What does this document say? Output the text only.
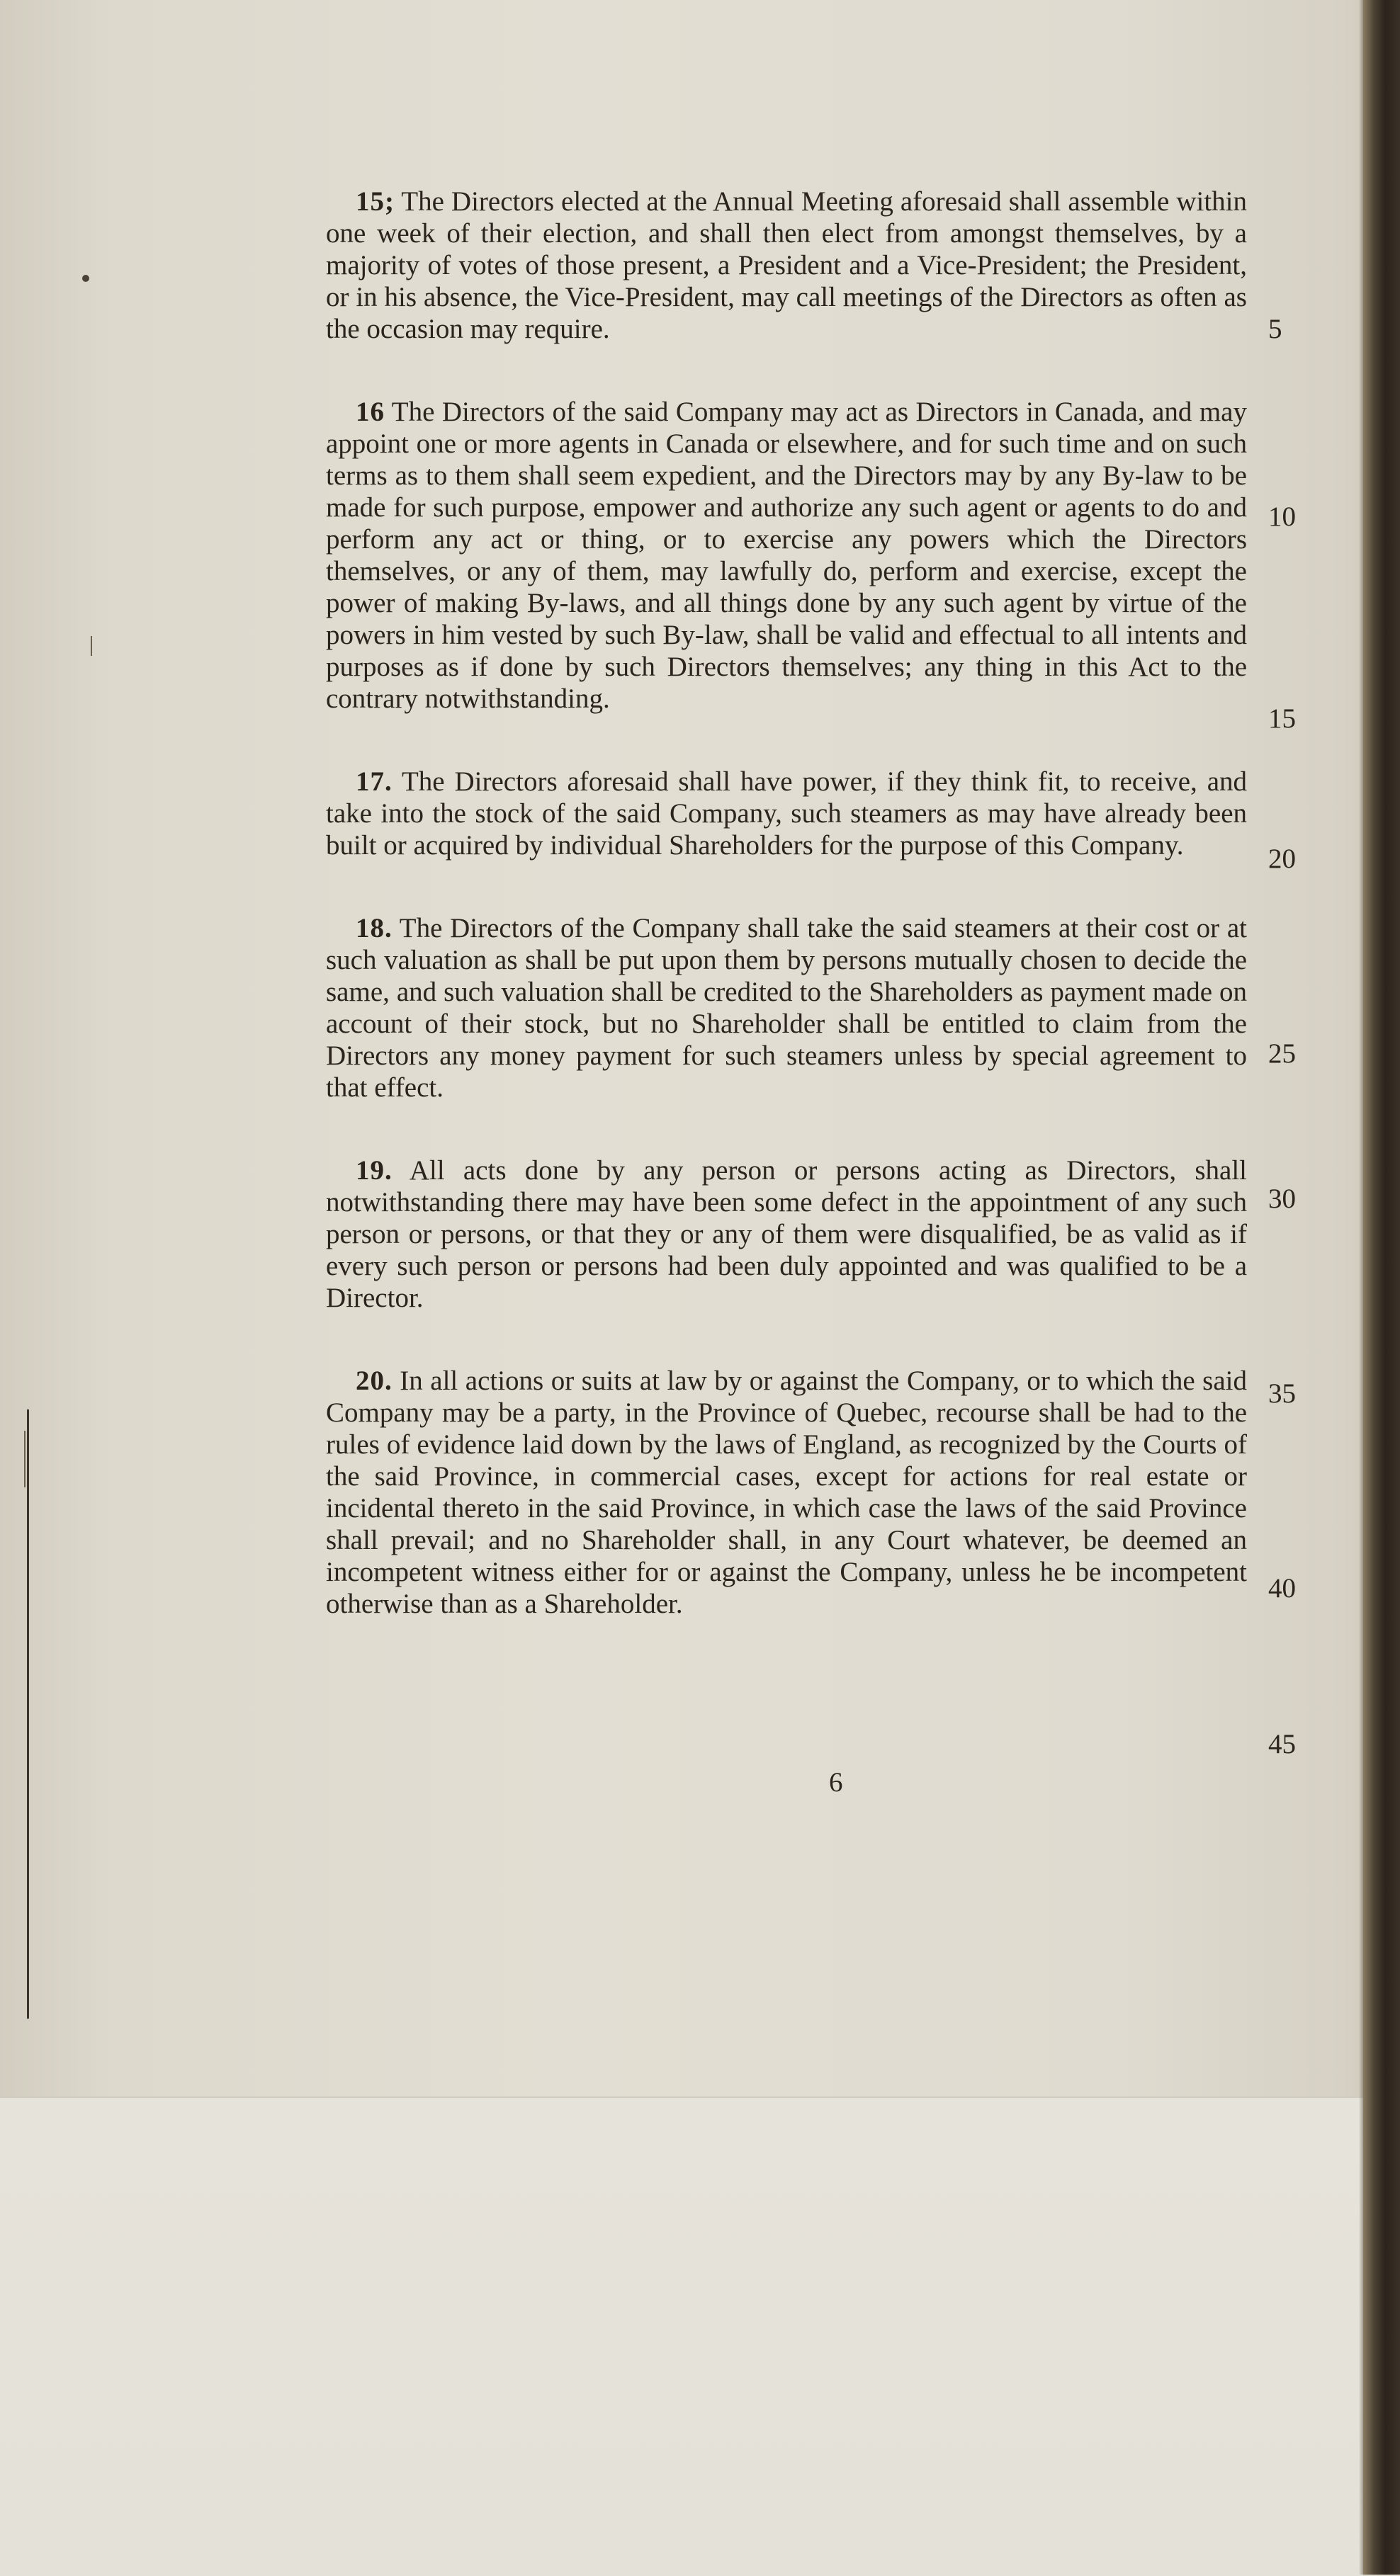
15; The Directors elected at the Annual Meeting aforesaid shall assemble within one week of their election, and shall then elect from amongst themselves, by a majority of votes of those present, a President and a Vice-President; the President, or in his absence, the Vice-President, may call meetings of the Directors as often as the occasion may require.

16 The Directors of the said Company may act as Directors in Canada, and may appoint one or more agents in Canada or elsewhere, and for such time and on such terms as to them shall seem expedient, and the Directors may by any By-law to be made for such purpose, empower and authorize any such agent or agents to do and perform any act or thing, or to exercise any powers which the Directors themselves, or any of them, may lawfully do, perform and exercise, except the power of making By-laws, and all things done by any such agent by virtue of the powers in him vested by such By-law, shall be valid and effectual to all intents and purposes as if done by such Directors themselves; any thing in this Act to the contrary notwithstanding.

17. The Directors aforesaid shall have power, if they think fit, to receive, and take into the stock of the said Company, such steamers as may have already been built or acquired by individual Shareholders for the purpose of this Company.

18. The Directors of the Company shall take the said steamers at their cost or at such valuation as shall be put upon them by persons mutually chosen to decide the same, and such valuation shall be credited to the Shareholders as payment made on account of their stock, but no Shareholder shall be entitled to claim from the Directors any money payment for such steamers unless by special agreement to that effect.

19. All acts done by any person or persons acting as Directors, shall notwithstanding there may have been some defect in the appointment of any such person or persons, or that they or any of them were disqualified, be as valid as if every such person or persons had been duly appointed and was qualified to be a Director.

20. In all actions or suits at law by or against the Company, or to which the said Company may be a party, in the Province of Quebec, recourse shall be had to the rules of evidence laid down by the laws of England, as recognized by the Courts of the said Province, in commercial cases, except for actions for real estate or incidental thereto in the said Province, in which case the laws of the said Province shall prevail; and no Shareholder shall, in any Court whatever, be deemed an incompetent witness either for or against the Company, unless he be incompetent otherwise than as a Shareholder.

5
10
15
20
25
30
35
40
45
6
